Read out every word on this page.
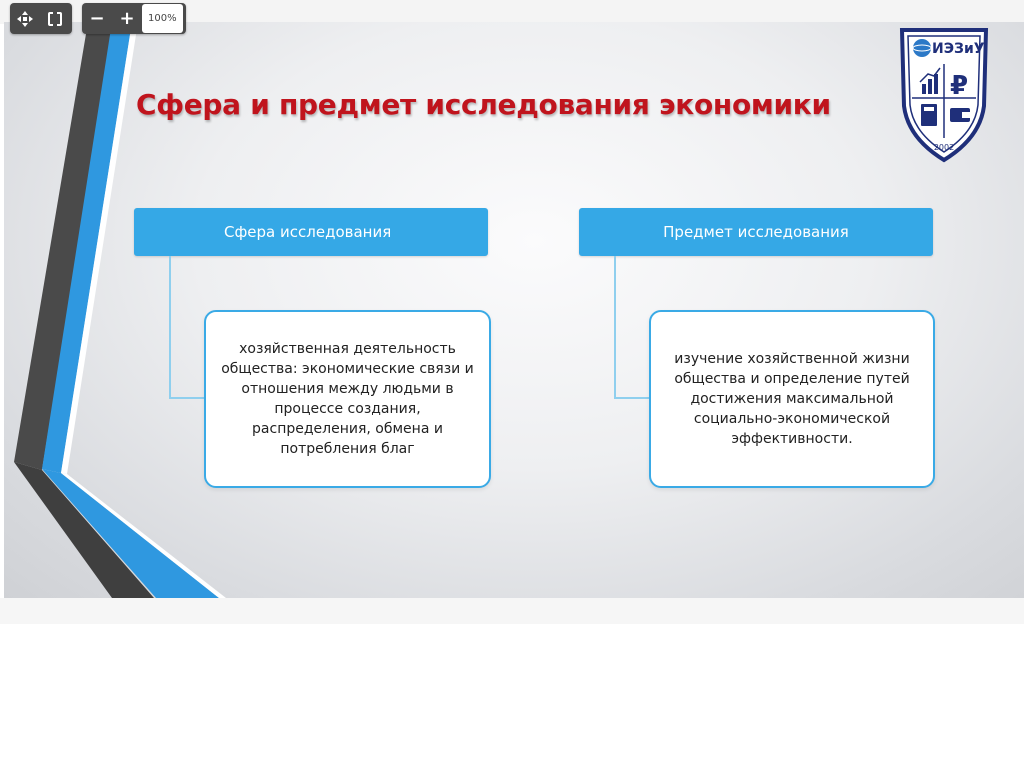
Сфера и предмет исследования экономики
Сфера исследования	Предмет исследования
хозяйственная деятельность общества: экономические связи и отношения между людьми в процессе создания, распределения, обмена и потребления благ
изучение хозяйственной жизни общества и определение путей достижения максимальной социально-экономической эффективности.
ИЭЗиУ
₽
2002
− +	100%
